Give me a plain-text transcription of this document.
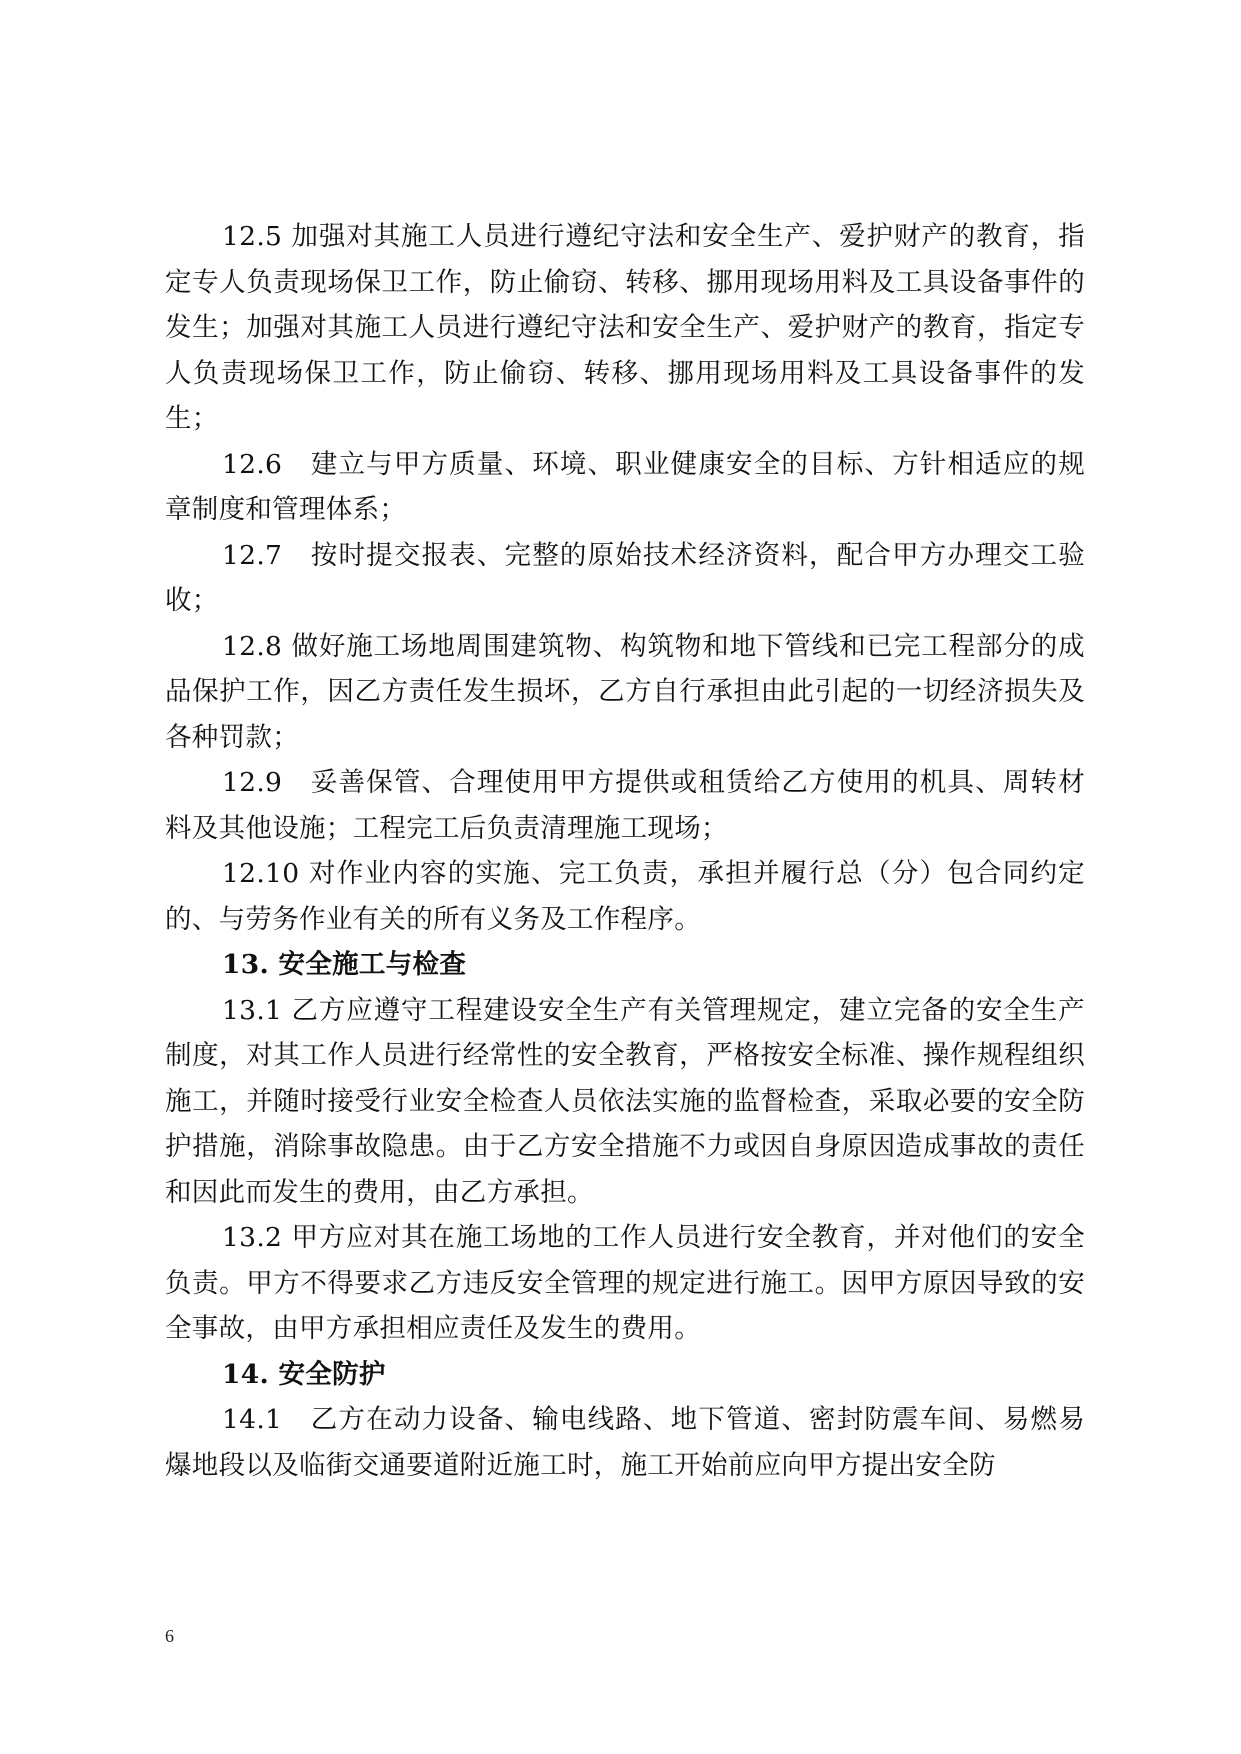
12.5 加强对其施工人员进行遵纪守法和安全生产、爱护财产的教育，指定专人负责现场保卫工作，防止偷窃、转移、挪用现场用料及工具设备事件的发生；加强对其施工人员进行遵纪守法和安全生产、爱护财产的教育，指定专人负责现场保卫工作，防止偷窃、转移、挪用现场用料及工具设备事件的发生；

12.6　建立与甲方质量、环境、职业健康安全的目标、方针相适应的规章制度和管理体系；

12.7　按时提交报表、完整的原始技术经济资料，配合甲方办理交工验收；

12.8 做好施工场地周围建筑物、构筑物和地下管线和已完工程部分的成品保护工作，因乙方责任发生损坏，乙方自行承担由此引起的一切经济损失及各种罚款；

12.9　妥善保管、合理使用甲方提供或租赁给乙方使用的机具、周转材料及其他设施；工程完工后负责清理施工现场；

12.10 对作业内容的实施、完工负责，承担并履行总（分）包合同约定的、与劳务作业有关的所有义务及工作程序。

13. 安全施工与检查

13.1 乙方应遵守工程建设安全生产有关管理规定，建立完备的安全生产制度，对其工作人员进行经常性的安全教育，严格按安全标准、操作规程组织施工，并随时接受行业安全检查人员依法实施的监督检查，采取必要的安全防护措施，消除事故隐患。由于乙方安全措施不力或因自身原因造成事故的责任和因此而发生的费用，由乙方承担。

13.2 甲方应对其在施工场地的工作人员进行安全教育，并对他们的安全负责。甲方不得要求乙方违反安全管理的规定进行施工。因甲方原因导致的安全事故，由甲方承担相应责任及发生的费用。

14. 安全防护

14.1　乙方在动力设备、输电线路、地下管道、密封防震车间、易燃易爆地段以及临街交通要道附近施工时，施工开始前应向甲方提出安全防

6
